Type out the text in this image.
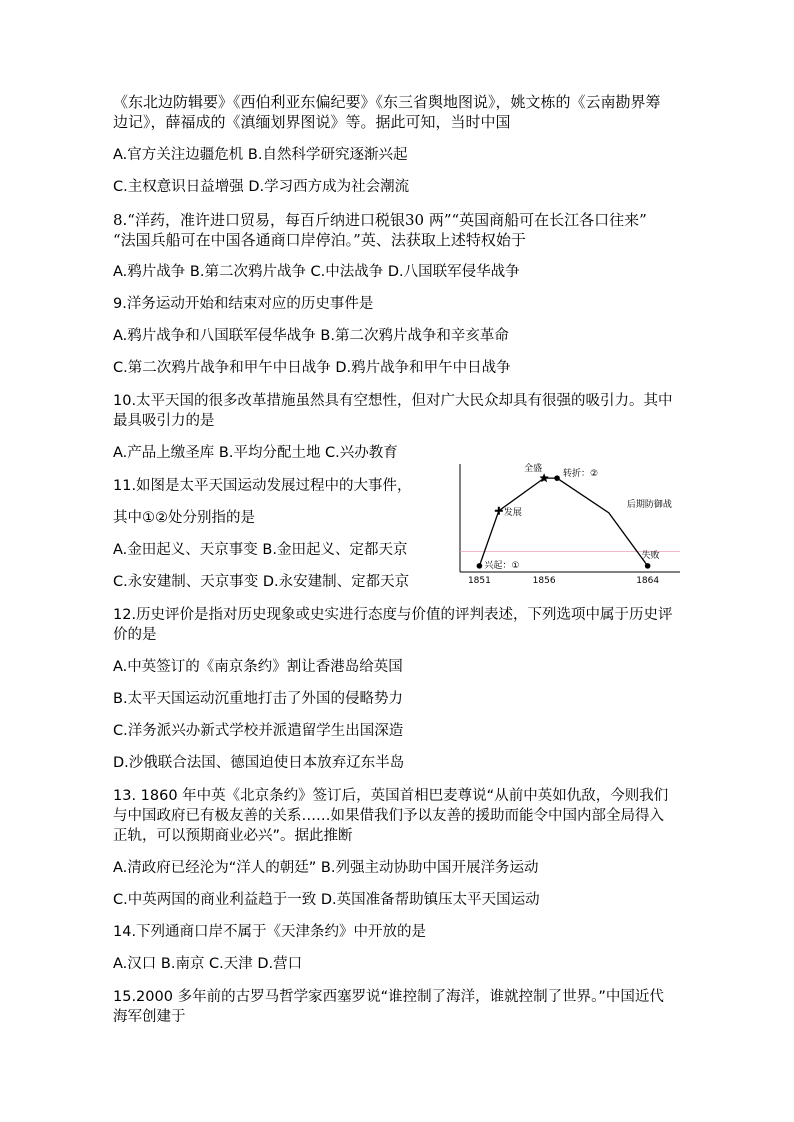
《东北边防辑要》《西伯利亚东偏纪要》《东三省舆地图说》，姚文栋的《云南勘界筹
边记》，薛福成的《滇缅划界图说》等。据此可知，当时中国
A.官方关注边疆危机 B.自然科学研究逐渐兴起
C.主权意识日益增强 D.学习西方成为社会潮流
8.“洋药，准许进口贸易，每百斤纳进口税银30 两”“英国商船可在长江各口往来”
“法国兵船可在中国各通商口岸停泊。”英、法获取上述特权始于
A.鸦片战争 B.第二次鸦片战争 C.中法战争 D.八国联军侵华战争
9.洋务运动开始和结束对应的历史事件是
A.鸦片战争和八国联军侵华战争 B.第二次鸦片战争和辛亥革命
C.第二次鸦片战争和甲午中日战争 D.鸦片战争和甲午中日战争
10.太平天国的很多改革措施虽然具有空想性，但对广大民众却具有很强的吸引力。其中
最具吸引力的是
A.产品上缴圣库 B.平均分配土地 C.兴办教育
11.如图是太平天国运动发展过程中的大事件，
其中①②处分别指的是
A.金田起义、天京事变 B.金田起义、定都天京
C.永安建制、天京事变 D.永安建制、定都天京
12.历史评价是指对历史现象或史实进行态度与价值的评判表述，下列选项中属于历史评
价的是
A.中英签订的《南京条约》割让香港岛给英国
B.太平天国运动沉重地打击了外国的侵略势力
C.洋务派兴办新式学校并派遣留学生出国深造
D.沙俄联合法国、德国迫使日本放弃辽东半岛
13. 1860 年中英《北京条约》签订后，英国首相巴麦尊说“从前中英如仇敌，今则我们
与中国政府已有极友善的关系……如果借我们予以友善的援助而能令中国内部全局得入
正轨，可以预期商业必兴”。据此推断
A.清政府已经沦为“洋人的朝廷” B.列强主动协助中国开展洋务运动
C.中英两国的商业利益趋于一致 D.英国准备帮助镇压太平天国运动
14.下列通商口岸不属于《天津条约》中开放的是
A.汉口 B.南京 C.天津 D.营口
15.2000 多年前的古罗马哲学家西塞罗说“谁控制了海洋，谁就控制了世界。”中国近代
海军创建于
兴起：①
发展
全盛 转折：②
后期防御战
失败
1851	1856	1864
